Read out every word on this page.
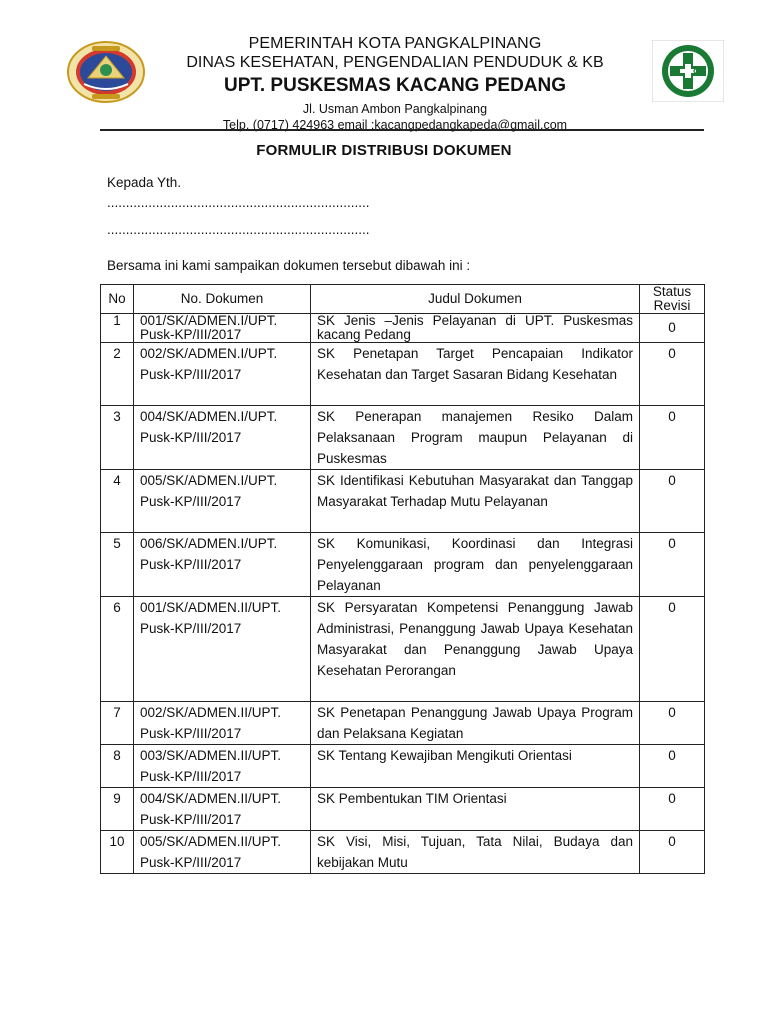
PEMERINTAH KOTA PANGKALPINANG
DINAS KESEHATAN, PENGENDALIAN PENDUDUK & KB
UPT. PUSKESMAS KACANG PEDANG
Jl. Usman Ambon Pangkalpinang
Telp. (0717) 424963 email :kacangpedangkapeda@gmail.com
FORMULIR DISTRIBUSI DOKUMEN
Kepada Yth.
......................................................................
......................................................................
Bersama ini kami sampaikan dokumen tersebut dibawah ini :
No	No. Dokumen	Judul Dokumen	Status Revisi
1	001/SK/ADMEN.I/UPT. Pusk-KP/III/2017	SK Jenis –Jenis Pelayanan di UPT. Puskesmas kacang Pedang	0
2	002/SK/ADMEN.I/UPT. Pusk-KP/III/2017	SK Penetapan Target Pencapaian Indikator Kesehatan dan Target Sasaran Bidang Kesehatan	0
3	004/SK/ADMEN.I/UPT. Pusk-KP/III/2017	SK Penerapan manajemen Resiko Dalam Pelaksanaan Program maupun Pelayanan di Puskesmas	0
4	005/SK/ADMEN.I/UPT. Pusk-KP/III/2017	SK Identifikasi Kebutuhan Masyarakat dan Tanggap Masyarakat Terhadap Mutu Pelayanan	0
5	006/SK/ADMEN.I/UPT. Pusk-KP/III/2017	SK Komunikasi, Koordinasi dan Integrasi Penyelenggaraan program dan penyelenggaraan Pelayanan	0
6	001/SK/ADMEN.II/UPT. Pusk-KP/III/2017	SK Persyaratan Kompetensi Penanggung Jawab Administrasi, Penanggung Jawab Upaya Kesehatan Masyarakat dan Penanggung Jawab Upaya Kesehatan Perorangan	0
7	002/SK/ADMEN.II/UPT. Pusk-KP/III/2017	SK Penetapan Penanggung Jawab Upaya Program dan Pelaksana Kegiatan	0
8	003/SK/ADMEN.II/UPT. Pusk-KP/III/2017	SK Tentang Kewajiban Mengikuti Orientasi	0
9	004/SK/ADMEN.II/UPT. Pusk-KP/III/2017	SK Pembentukan TIM Orientasi	0
10	005/SK/ADMEN.II/UPT. Pusk-KP/III/2017	SK Visi, Misi, Tujuan, Tata Nilai, Budaya dan kebijakan Mutu	0
